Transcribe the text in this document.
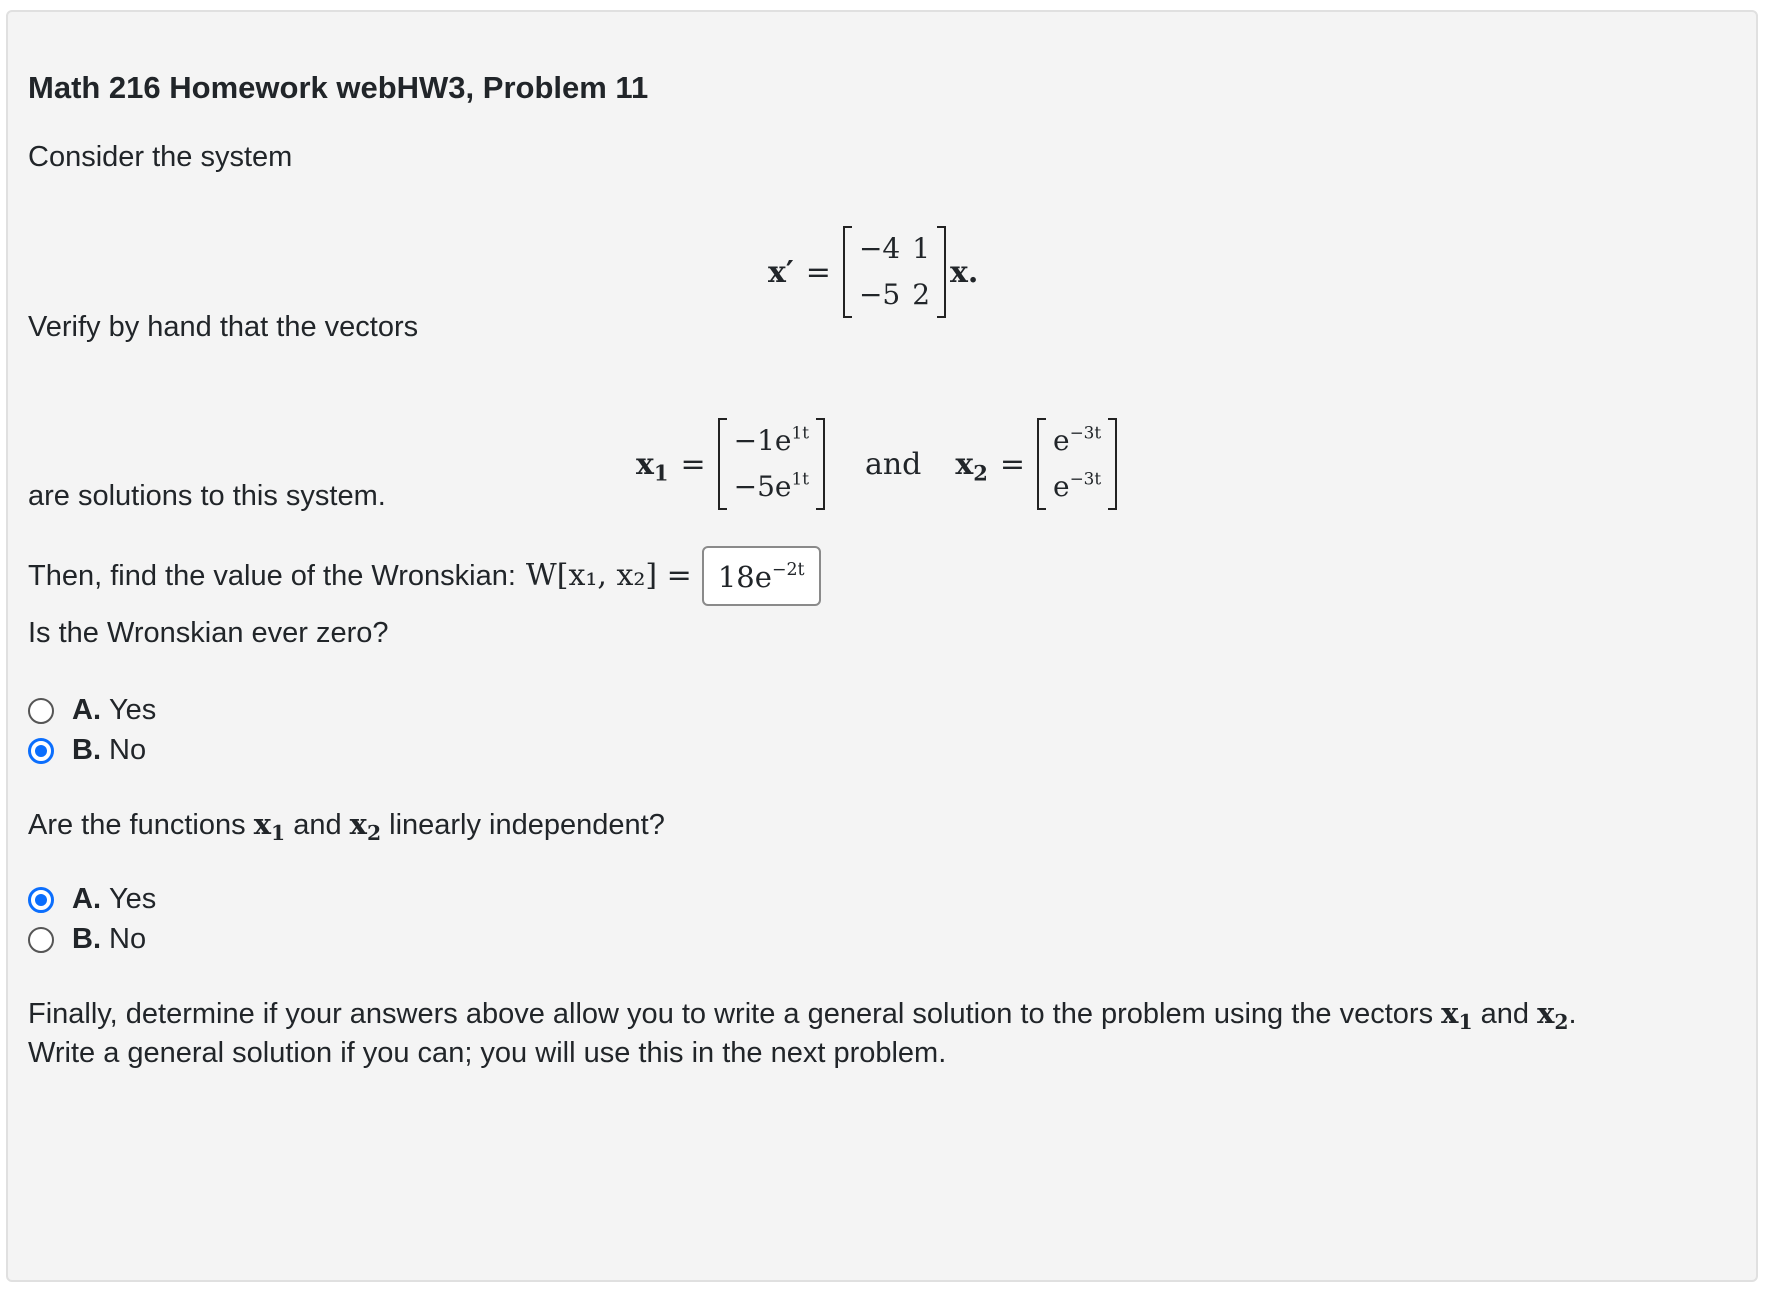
Math 216 Homework webHW3, Problem 11
Consider the system
x′ =
−4	1
−5	2
x.
Verify by hand that the vectors
$x_1$ =
$-1e^{1t}$
$-5e^{1t}$ and $x_2$ =
$e^{-3t}$
$e^{-3t}$
are solutions to this system.
Then, find the value of the Wronskian: W[x₁, $x_2] = 18e^{-2t}$
Is the Wronskian ever zero?
A. Yes
B. No
Are the functions $x_1$ and $x_2$ linearly independent?
A. Yes
B. No
Finally, determine if your answers above allow you to write a general solution to the problem using the vectors $x_1$ and $x_2$.
Write a general solution if you can; you will use this in the next problem.
